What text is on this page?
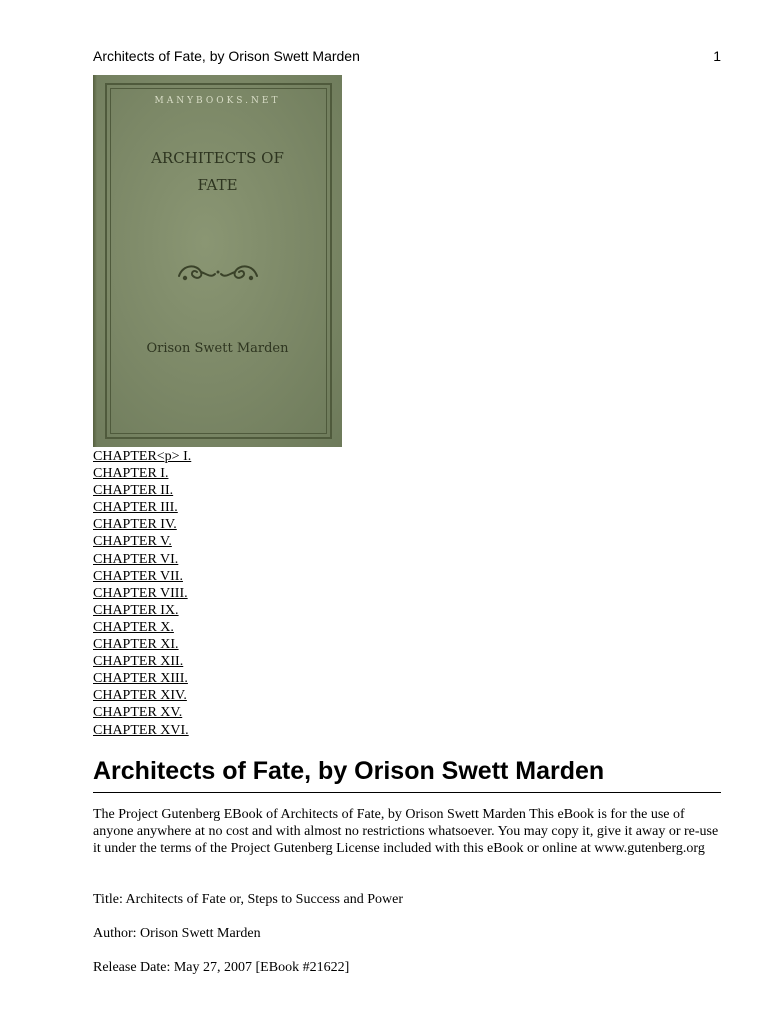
Architects of Fate, by Orison Swett Marden	1
MANYBOOKS.NET
ARCHITECTS OF
FATE
Orison Swett Marden
CHAPTER<p> I.
CHAPTER I.
CHAPTER II.
CHAPTER III.
CHAPTER IV.
CHAPTER V.
CHAPTER VI.
CHAPTER VII.
CHAPTER VIII.
CHAPTER IX.
CHAPTER X.
CHAPTER XI.
CHAPTER XII.
CHAPTER XIII.
CHAPTER XIV.
CHAPTER XV.
CHAPTER XVI.
Architects of Fate, by Orison Swett Marden

The Project Gutenberg EBook of Architects of Fate, by Orison Swett Marden This eBook is for the use of anyone anywhere at no cost and with almost no restrictions whatsoever. You may copy it, give it away or re-use it under the terms of the Project Gutenberg License included with this eBook or online at www.gutenberg.org

Title: Architects of Fate or, Steps to Success and Power

Author: Orison Swett Marden

Release Date: May 27, 2007 [EBook #21622]
